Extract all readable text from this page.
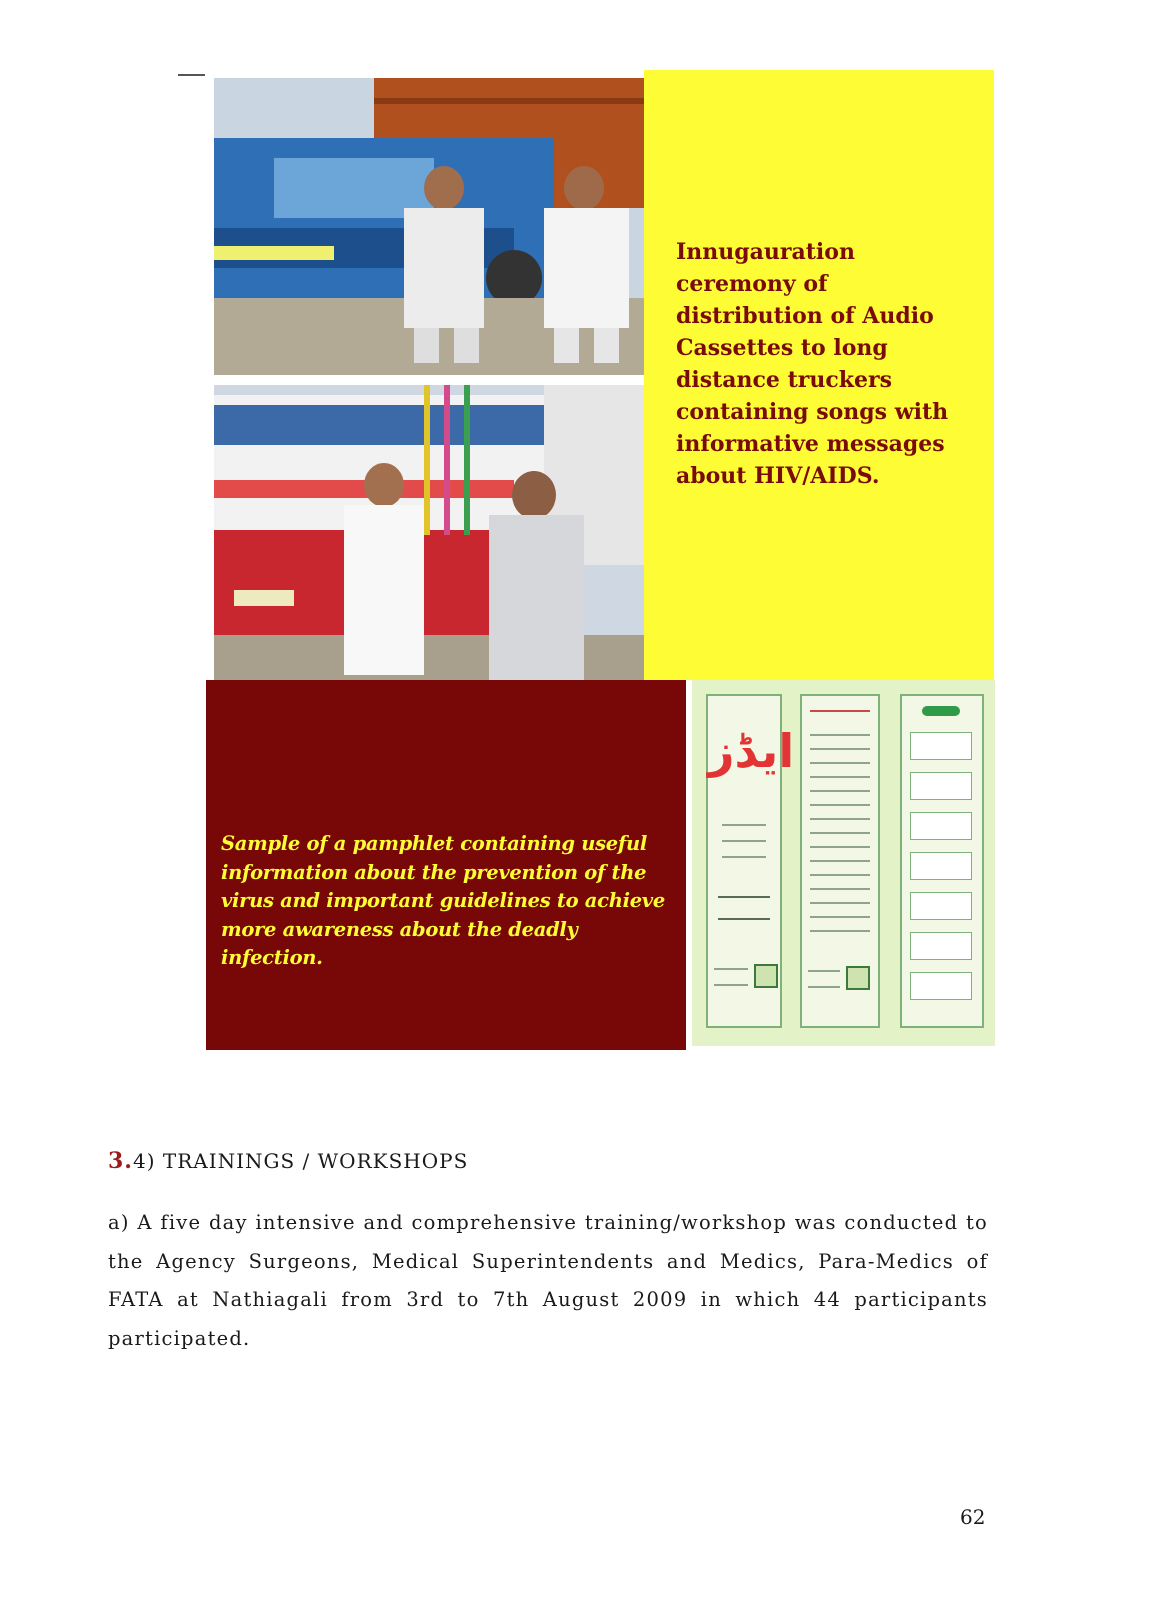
Innugauration ceremony of distribution of Audio Cassettes to long distance truckers containing songs with informative messages about HIV/AIDS.

Sample of a pamphlet containing useful information about the prevention of the virus and important guidelines to achieve more awareness about the deadly infection.

ایڈز
3.4) TRAININGS / WORKSHOPS

a) A five day intensive and comprehensive training/workshop was conducted to the Agency Surgeons, Medical Superintendents and Medics, Para-Medics of FATA at Nathiagali from 3rd to 7th August 2009 in which 44 participants participated.

62
